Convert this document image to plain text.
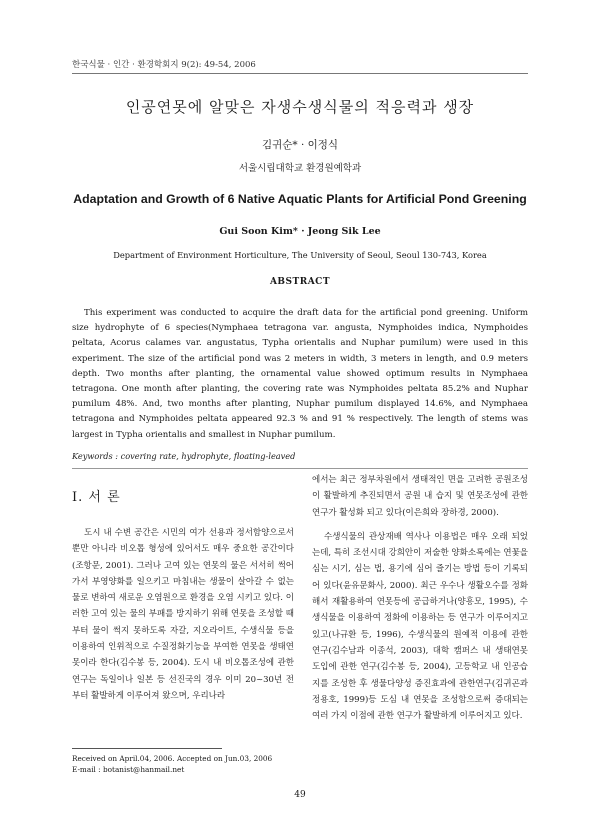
한국식물 · 인간 · 환경학회지 9(2): 49-54, 2006
인공연못에 알맞은 자생수생식물의 적응력과 생장
김귀순* · 이정식
서울시립대학교 환경원예학과
Adaptation and Growth of 6 Native Aquatic Plants for Artificial Pond Greening
Gui Soon Kim* · Jeong Sik Lee
Department of Environment Horticulture, The University of Seoul, Seoul 130-743, Korea
ABSTRACT
This experiment was conducted to acquire the draft data for the artificial pond greening. Uniform size hydrophyte of 6 species(Nymphaea tetragona var. angusta, Nymphoides indica, Nymphoides peltata, Acorus calames var. angustatus, Typha orientalis and Nuphar pumilum) were used in this experiment. The size of the artificial pond was 2 meters in width, 3 meters in length, and 0.9 meters depth. Two months after planting, the ornamental value showed optimum results in Nymphaea tetragona. One month after planting, the covering rate was Nymphoides peltata 85.2% and Nuphar pumilum 48%. And, two months after planting, Nuphar pumilum displayed 14.6%, and Nymphaea tetragona and Nymphoides peltata appeared 92.3 % and 91 % respectively. The length of stems was largest in Typha orientalis and smallest in Nuphar pumilum.
Keywords : covering rate, hydrophyte, floating-leaved
Ⅰ. 서 론

도시 내 수변 공간은 시민의 여가 선용과 정서함양으로서 뿐만 아니라 비오톱 형성에 있어서도 매우 중요한 공간이다(조항문, 2001). 그러나 고여 있는 연못의 물은 서서히 썩어가서 부영양화를 일으키고 마침내는 생물이 살아갈 수 없는 물로 변하여 새로운 오염원으로 환경을 오염 시키고 있다. 이러한 고여 있는 물의 부패를 방지하기 위해 연못을 조성할 때부터 물이 썩지 못하도록 자갈, 지오라이트, 수생식물 등을 이용하여 인위적으로 수질정화기능을 부여한 연못을 생태연못이라 한다(김수봉 등, 2004). 도시 내 비오톱조성에 관한 연구는 독일이나 일본 등 선진국의 경우 이미 20~30년 전부터 활발하게 이루어져 왔으며, 우리나라

에서는 최근 정부차원에서 생태적인 면을 고려한 공원조성이 활발하게 추진되면서 공원 내 습지 및 연못조성에 관한 연구가 활성화 되고 있다(이은희와 장하경, 2000).

수생식물의 관상재배 역사나 이용법은 매우 오래 되었는데, 특히 조선시대 강희안이 저술한 양화소록에는 연꽃을 심는 시기, 심는 법, 용기에 심어 즐기는 방법 등이 기록되어 있다(윤유문화사, 2000). 최근 우수나 생활오수를 정화해서 재활용하여 연못등에 공급하거나(양흥모, 1995), 수생식물을 이용하여 정화에 이용하는 등 연구가 이루어지고 있고(나규환 등, 1996), 수생식물의 원예적 이용에 관한 연구(김수남과 이종석, 2003), 대학 캠퍼스 내 생태연못 도입에 관한 연구(김수봉 등, 2004), 고등학교 내 인공습지를 조성한 후 생물다양성 증진효과에 관한연구(김귀곤과 정용호, 1999)등 도심 내 연못을 조성함으로써 증대되는 여러 가지 이점에 관한 연구가 활발하게 이루어지고 있다.

Received on April.04, 2006. Accepted on Jun.03, 2006
E-mail : botanist@hanmail.net
49
